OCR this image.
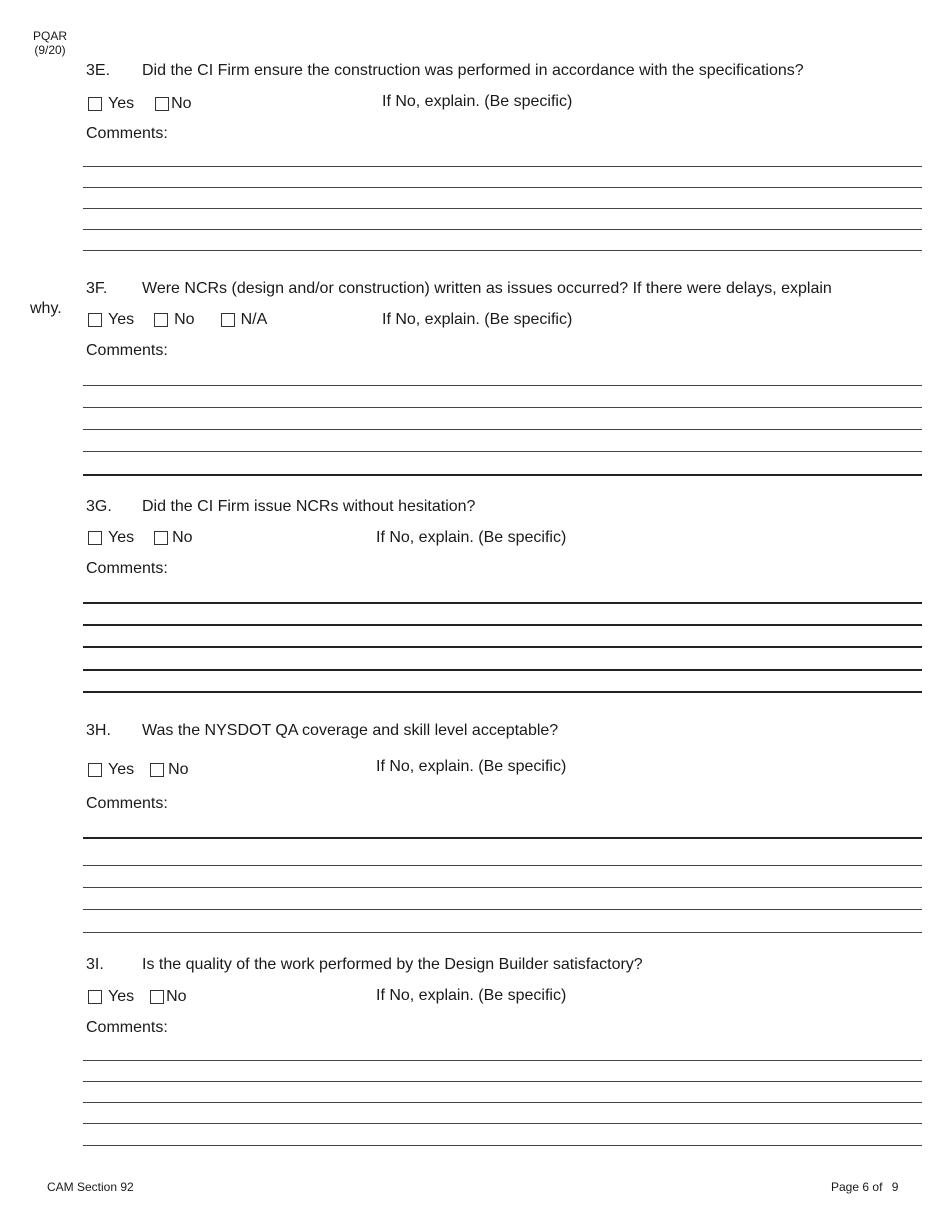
PQAR
(9/20)
3E. Did the CI Firm ensure the construction was performed in accordance with the specifications?
Yes No	If No, explain. (Be specific)
Comments:
3F. Were NCRs (design and/or construction) written as issues occurred? If there were delays, explain
why.
Yes	No	N/A	If No, explain. (Be specific)
Comments:
3G. Did the CI Firm issue NCRs without hesitation?
Yes No	If No, explain. (Be specific)
Comments:
3H. Was the NYSDOT QA coverage and skill level acceptable?
Yes No	If No, explain. (Be specific)
Comments:
3I. Is the quality of the work performed by the Design Builder satisfactory?
Yes No	If No, explain. (Be specific)
Comments:
CAM Section 92	Page 6 of 9
